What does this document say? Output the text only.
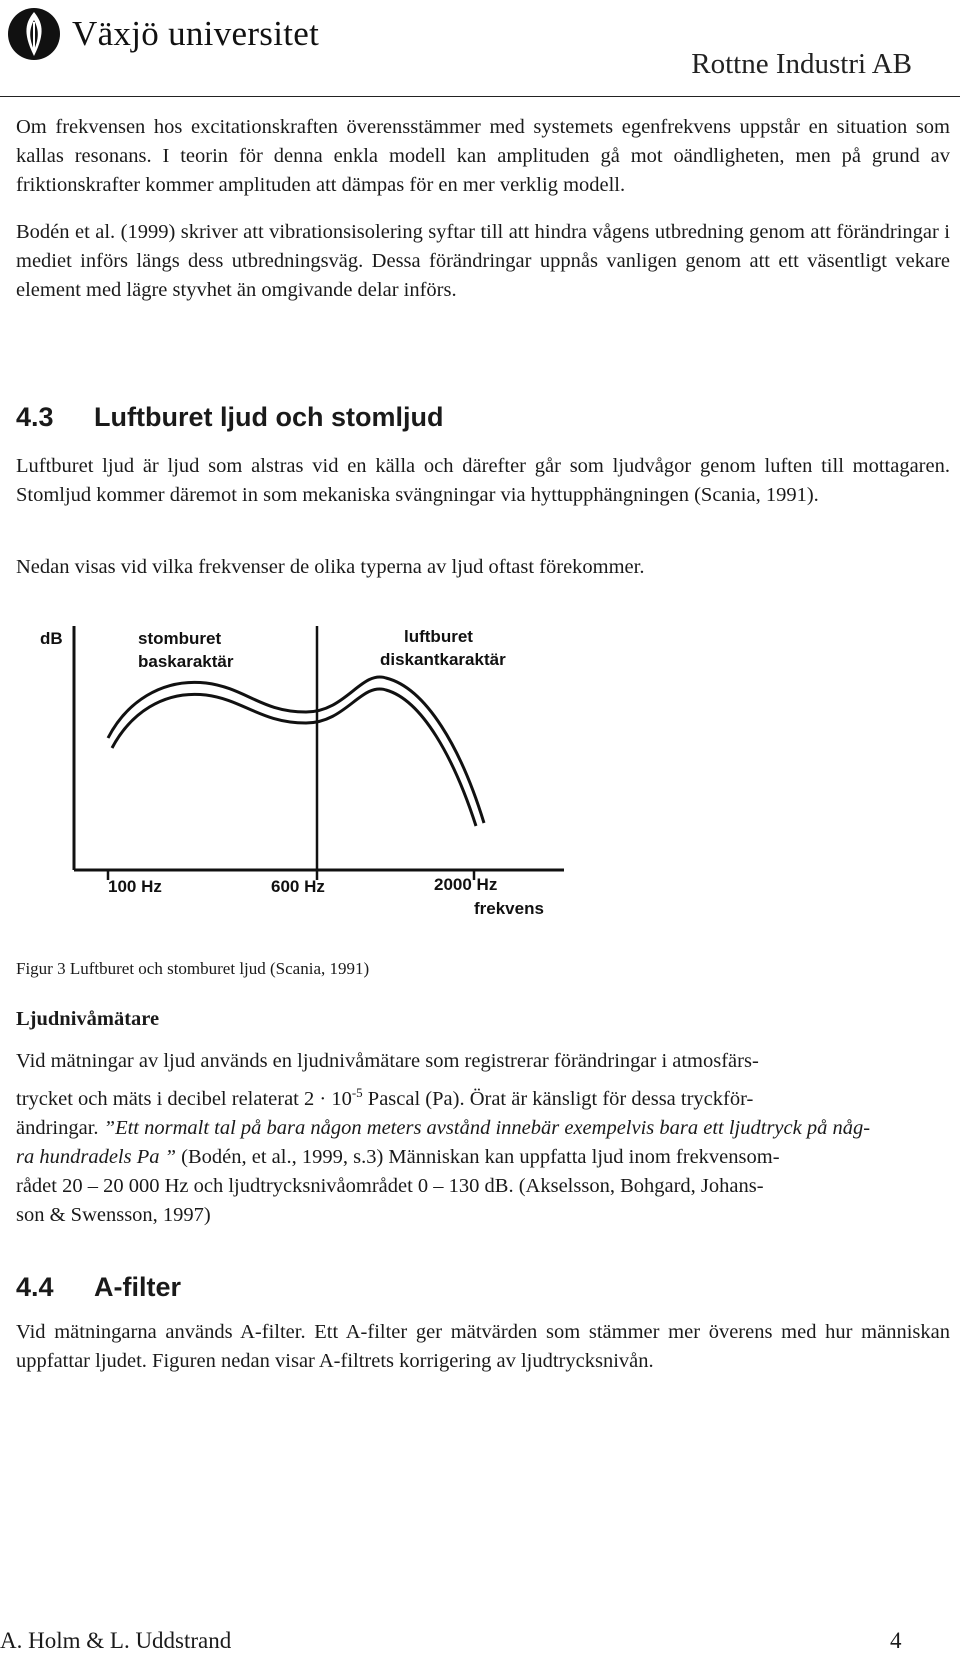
Växjö universitet
Rottne Industri AB
Om frekvensen hos excitationskraften överensstämmer med systemets egenfrekvens uppstår en situation som kallas resonans. I teorin för denna enkla modell kan amplituden gå mot oändligheten, men på grund av friktionskrafter kommer amplituden att dämpas för en mer verklig modell.
Bodén et al. (1999) skriver att vibrationsisolering syftar till att hindra vågens utbredning genom att förändringar i mediet införs längs dess utbredningsväg. Dessa förändringar uppnås vanligen genom att ett väsentligt vekare element med lägre styvhet än omgivande delar införs.
4.3 Luftburet ljud och stomljud
Luftburet ljud är ljud som alstras vid en källa och därefter går som ljudvågor genom luften till mottagaren. Stomljud kommer däremot in som mekaniska svängningar via hyttupphängningen (Scania, 1991).
Nedan visas vid vilka frekvenser de olika typerna av ljud oftast förekommer.
dB	stomburet
baskaraktär
luftburet
diskantkaraktär
100 Hz	600 Hz	2000 Hz
frekvens
Figur 3 Luftburet och stomburet ljud (Scania, 1991)
Ljudnivåmätare
Vid mätningar av ljud används en ljudnivåmätare som registrerar förändringar i atmosfärs-
trycket och mäts i decibel relaterat $2 \cdot 10^{-5}$ Pascal (Pa). Örat är känsligt för dessa tryckför-
ändringar. ”Ett normalt tal på bara någon meters avstånd innebär exempelvis bara ett ljudtryck på någ-
ra hundradels Pa ” (Bodén, et al., 1999, s.3) Människan kan uppfatta ljud inom frekvensom-
rådet 20 – 20 000 Hz och ljudtrycksnivåområdet 0 – 130 dB. (Akselsson, Bohgard, Johans-
son & Swensson, 1997)
4.4 A-filter
Vid mätningarna används A-filter. Ett A-filter ger mätvärden som stämmer mer överens med hur människan uppfattar ljudet. Figuren nedan visar A-filtrets korrigering av ljudtrycksnivån.
A. Holm & L. Uddstrand	4
